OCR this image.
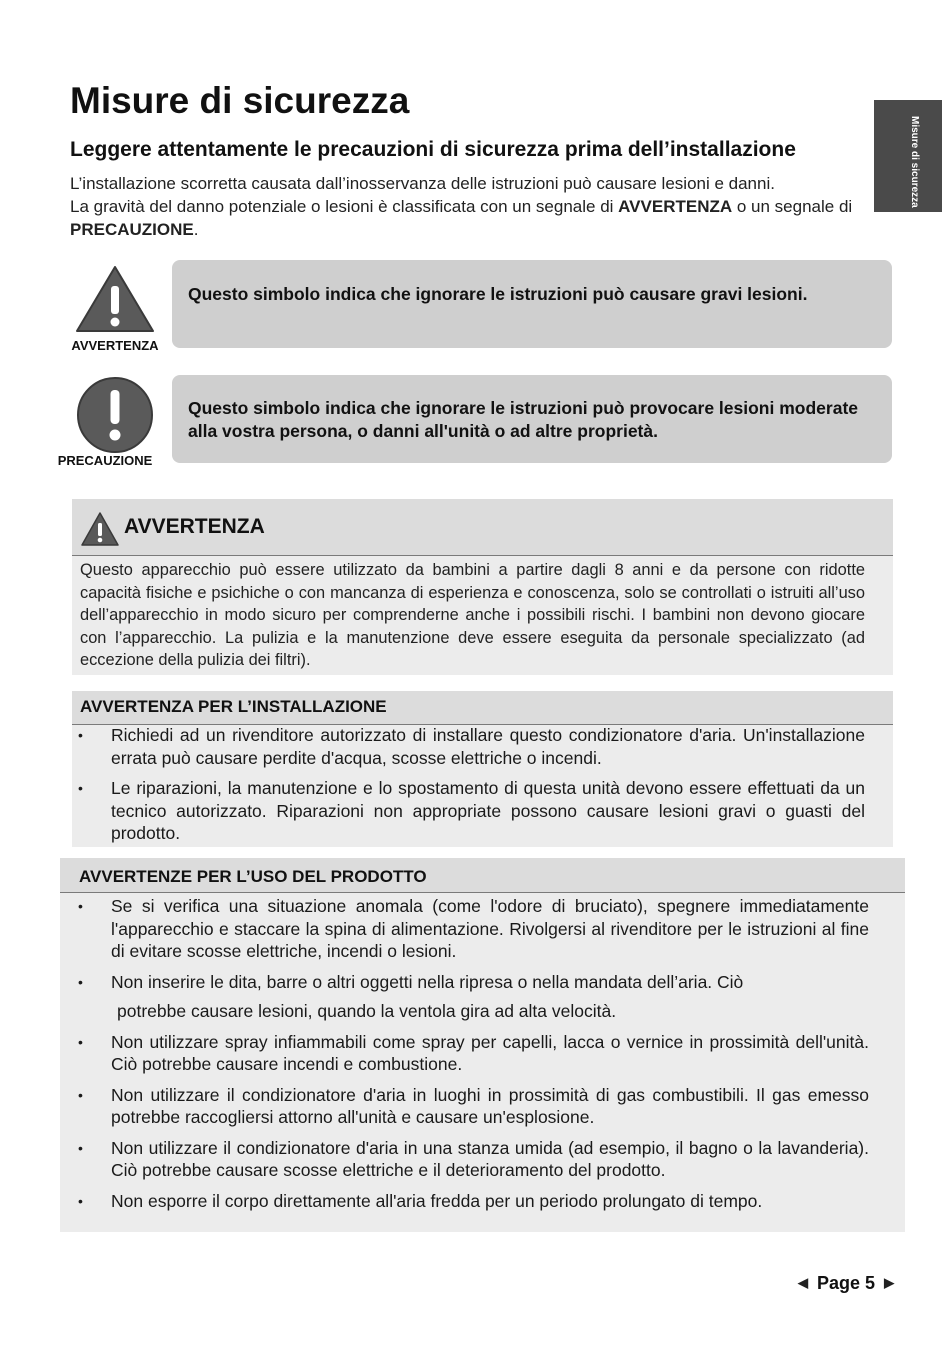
Misure di sicurezza
Leggere attentamente le precauzioni di sicurezza prima dell’installazione

L’installazione scorretta causata dall’inosservanza delle istruzioni può causare lesioni e danni.

La gravità del danno potenziale o lesioni è classificata con un segnale di AVVERTENZA o un segnale di PRECAUZIONE.

Misure di sicurezza
AVVERTENZA
Questo simbolo indica che ignorare le istruzioni può causare gravi lesioni.
PRECAUZIONE
Questo simbolo indica che ignorare le istruzioni può provocare lesioni moderate alla vostra persona, o danni all'unità o ad altre proprietà.
AVVERTENZA
Questo apparecchio può essere utilizzato da bambini a partire dagli 8 anni e da persone con ridotte capacità fisiche e psichiche o con mancanza di esperienza e conoscenza, solo se controllati o istruiti all’uso dell’apparecchio in modo sicuro per comprenderne anche i possibili rischi. I bambini non devono giocare con l’apparecchio. La pulizia e la manutenzione deve essere eseguita da personale specializzato (ad eccezione della pulizia dei filtri).
AVVERTENZA PER L’INSTALLAZIONE
• Richiedi ad un rivenditore autorizzato di installare questo condizionatore d'aria. Un'installazione errata può causare perdite d'acqua, scosse elettriche o incendi.
• Le riparazioni, la manutenzione e lo spostamento di questa unità devono essere effettuati da un tecnico autorizzato. Riparazioni non appropriate possono causare lesioni gravi o guasti del prodotto.
AVVERTENZE PER L’USO DEL PRODOTTO
• Se si verifica una situazione anomala (come l'odore di bruciato), spegnere immediatamente l'apparecchio e staccare la spina di alimentazione. Rivolgersi al rivenditore per le istruzioni al fine di evitare scosse elettriche, incendi o lesioni.
• Non inserire le dita, barre o altri oggetti nella ripresa o nella mandata dell’aria. Ciò
potrebbe causare lesioni, quando la ventola gira ad alta velocità.
• Non utilizzare spray infiammabili come spray per capelli, lacca o vernice in prossimità dell'unità. Ciò potrebbe causare incendi e combustione.
• Non utilizzare il condizionatore d'aria in luoghi in prossimità di gas combustibili. Il gas emesso potrebbe raccogliersi attorno all'unità e causare un'esplosione.
• Non utilizzare il condizionatore d'aria in una stanza umida (ad esempio, il bagno o la lavanderia). Ciò potrebbe causare scosse elettriche e il deterioramento del prodotto.
• Non esporre il corpo direttamente all'aria fredda per un periodo prolungato di tempo.
◀ Page 5 ▶
